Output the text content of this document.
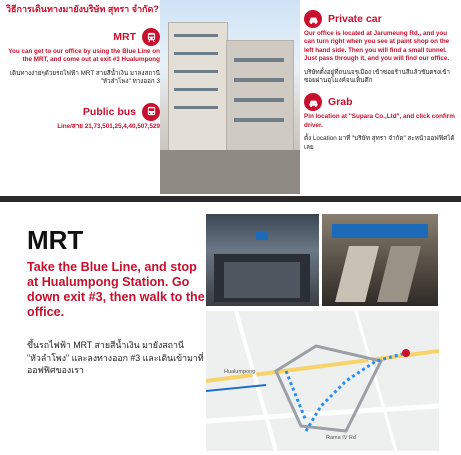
วิธีการเดินทางมายังบริษัท สุทรา จำกัด?
MRT
You can get to our office by using the Blue Line on the MRT, and come out at exit #3 Hualumpong
เดินทางง่ายๆด้วยรถไฟฟ้า MRT สายสีน้ำเงิน มาลงสถานี "หัวลำโพง" ทางออก 3
Public bus
Line/สาย 21,73,501,25,4,40,507,529
Private car
Our office is located at Jarumeung Rd., and you can turn right when you see at paint shop on the left hand side. Then you will find a small tunnel. Just pass through it, and you will find our office.
บริษัทตั้งอยู่ที่ถนนจรุเมือง เข้าซอยร้านสีแล้วขับตรงเข้าซอยผ่านอุโมงค์จนเห็นตึก
Grab
Pin location at "Supara Co.,Ltd", and click confirm driver.
ตั้ง Location มาที่ "บริษัท สุทรา จำกัด" สะหน้าออฟฟิศได้เลย
MRT
Take the Blue Line, and stop at Hualumpong Station. Go down exit #3, then walk to the office.
ขึ้นรถไฟฟ้า MRT สายสีน้ำเงิน มายังสถานี "หัวลำโพง" และลงทางออก #3 และเดินเข้ามาที่ออฟฟิศของเรา	Hualumpong
Rama IV Rd
